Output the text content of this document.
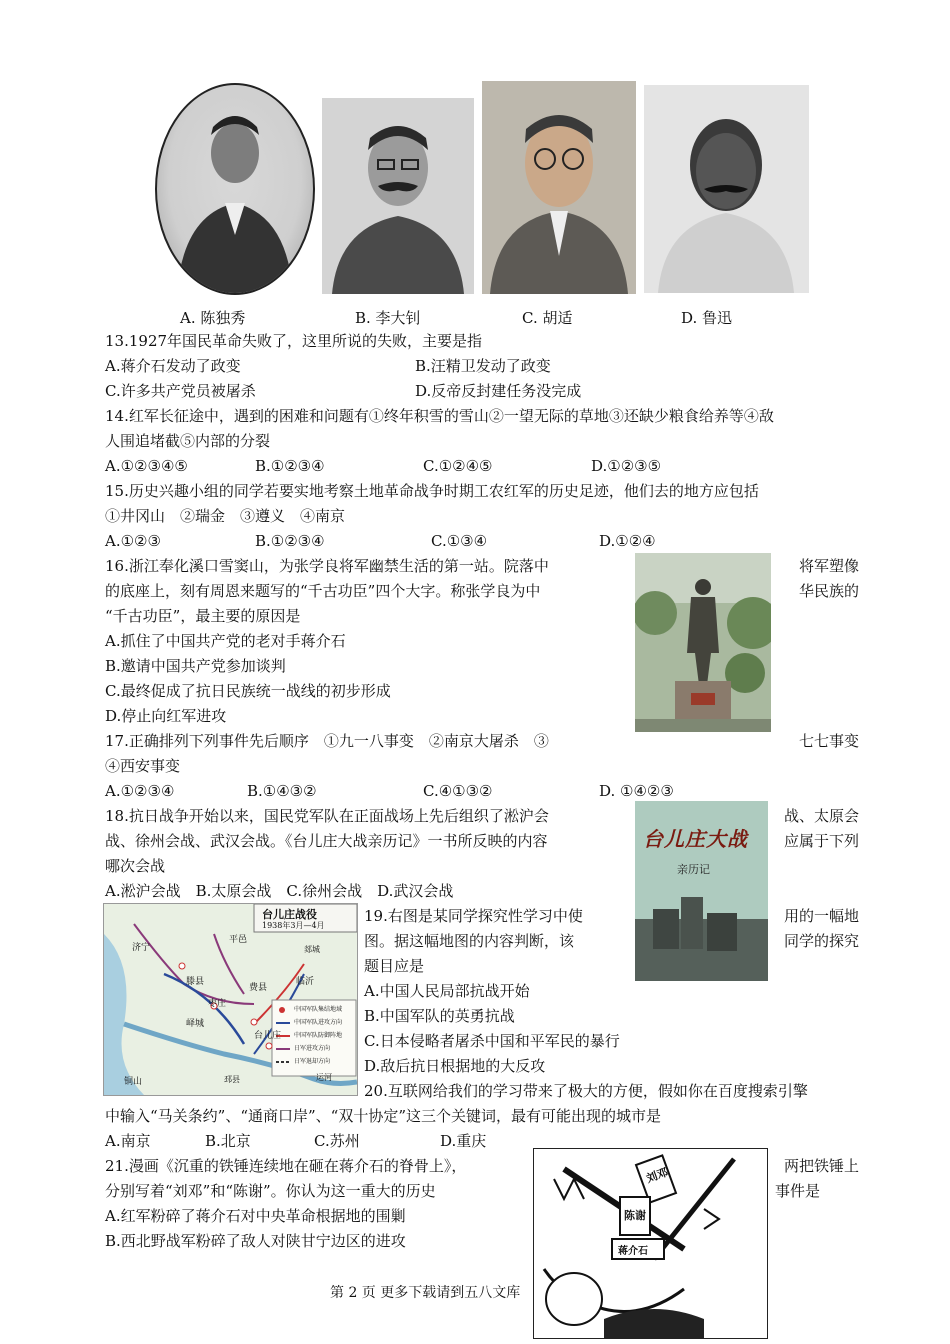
A. 陈独秀	B. 李大钊	C. 胡适	D. 鲁迅
13.1927年国民革命失败了，这里所说的失败，主要是指
A.蒋介石发动了政变	B.汪精卫发动了政变
C.许多共产党员被屠杀	D.反帝反封建任务没完成
14.红军长征途中，遇到的困难和问题有①终年积雪的雪山②一望无际的草地③还缺少粮食给养等④敌
人围追堵截⑤内部的分裂
A.①②③④⑤	B.①②③④	C.①②④⑤	D.①②③⑤
15.历史兴趣小组的同学若要实地考察土地革命战争时期工农红军的历史足迹，他们去的地方应包括
①井冈山　②瑞金　③遵义　④南京
A.①②③	B.①②③④	C.①③④	D.①②④
16.浙江奉化溪口雪窦山，为张学良将军幽禁生活的第一站。院落中	将军塑像
的底座上，刻有周恩来题写的“千古功臣”四个大字。称张学良为中	华民族的
“千古功臣”，最主要的原因是
A.抓住了中国共产党的老对手蒋介石
B.邀请中国共产党参加谈判
C.最终促成了抗日民族统一战线的初步形成
D.停止向红军进攻
17.正确排列下列事件先后顺序　①九一八事变　②南京大屠杀　③	七七事变
④西安事变
A.①②③④	B.①④③②	C.④①③②	D. ①④②③
台儿庄大战
亲历记
18.抗日战争开始以来，国民党军队在正面战场上先后组织了淞沪会	战、太原会
战、徐州会战、武汉会战。《台儿庄大战亲历记》一书所反映的内容	应属于下列
哪次会战
A.淞沪会战　B.太原会战　C.徐州会战　D.武汉会战
台儿庄战役
1938年3月—4月
济宁
平邑
滕县
费县
枣庄
临沂
峄城
台儿庄
运河
铜山
郯城
邳县
中国军队集结地域
中国军队进攻方向
中国军队防御阵地
日军进攻方向
日军退却方向
19.右图是某同学探究性学习中使	用的一幅地
图。据这幅地图的内容判断，该	同学的探究
题目应是
A.中国人民局部抗战开始
B.中国军队的英勇抗战
C.日本侵略者屠杀中国和平军民的暴行
D.敌后抗日根据地的大反攻
20.互联网给我们的学习带来了极大的方便，假如你在百度搜索引擎
中输入“马关条约”、“通商口岸”、“双十协定”这三个关键词，最有可能出现的城市是
A.南京	B.北京	C.苏州	D.重庆
刘邓
陈谢
蒋介石
21.漫画《沉重的铁锤连续地在砸在蒋介石的脊骨上》，	两把铁锤上
分别写着“刘邓”和“陈谢”。你认为这一重大的历史	事件是
A.红军粉碎了蒋介石对中央革命根据地的围剿
B.西北野战军粉碎了敌人对陕甘宁边区的进攻
第 2 页 更多下载请到五八文库
